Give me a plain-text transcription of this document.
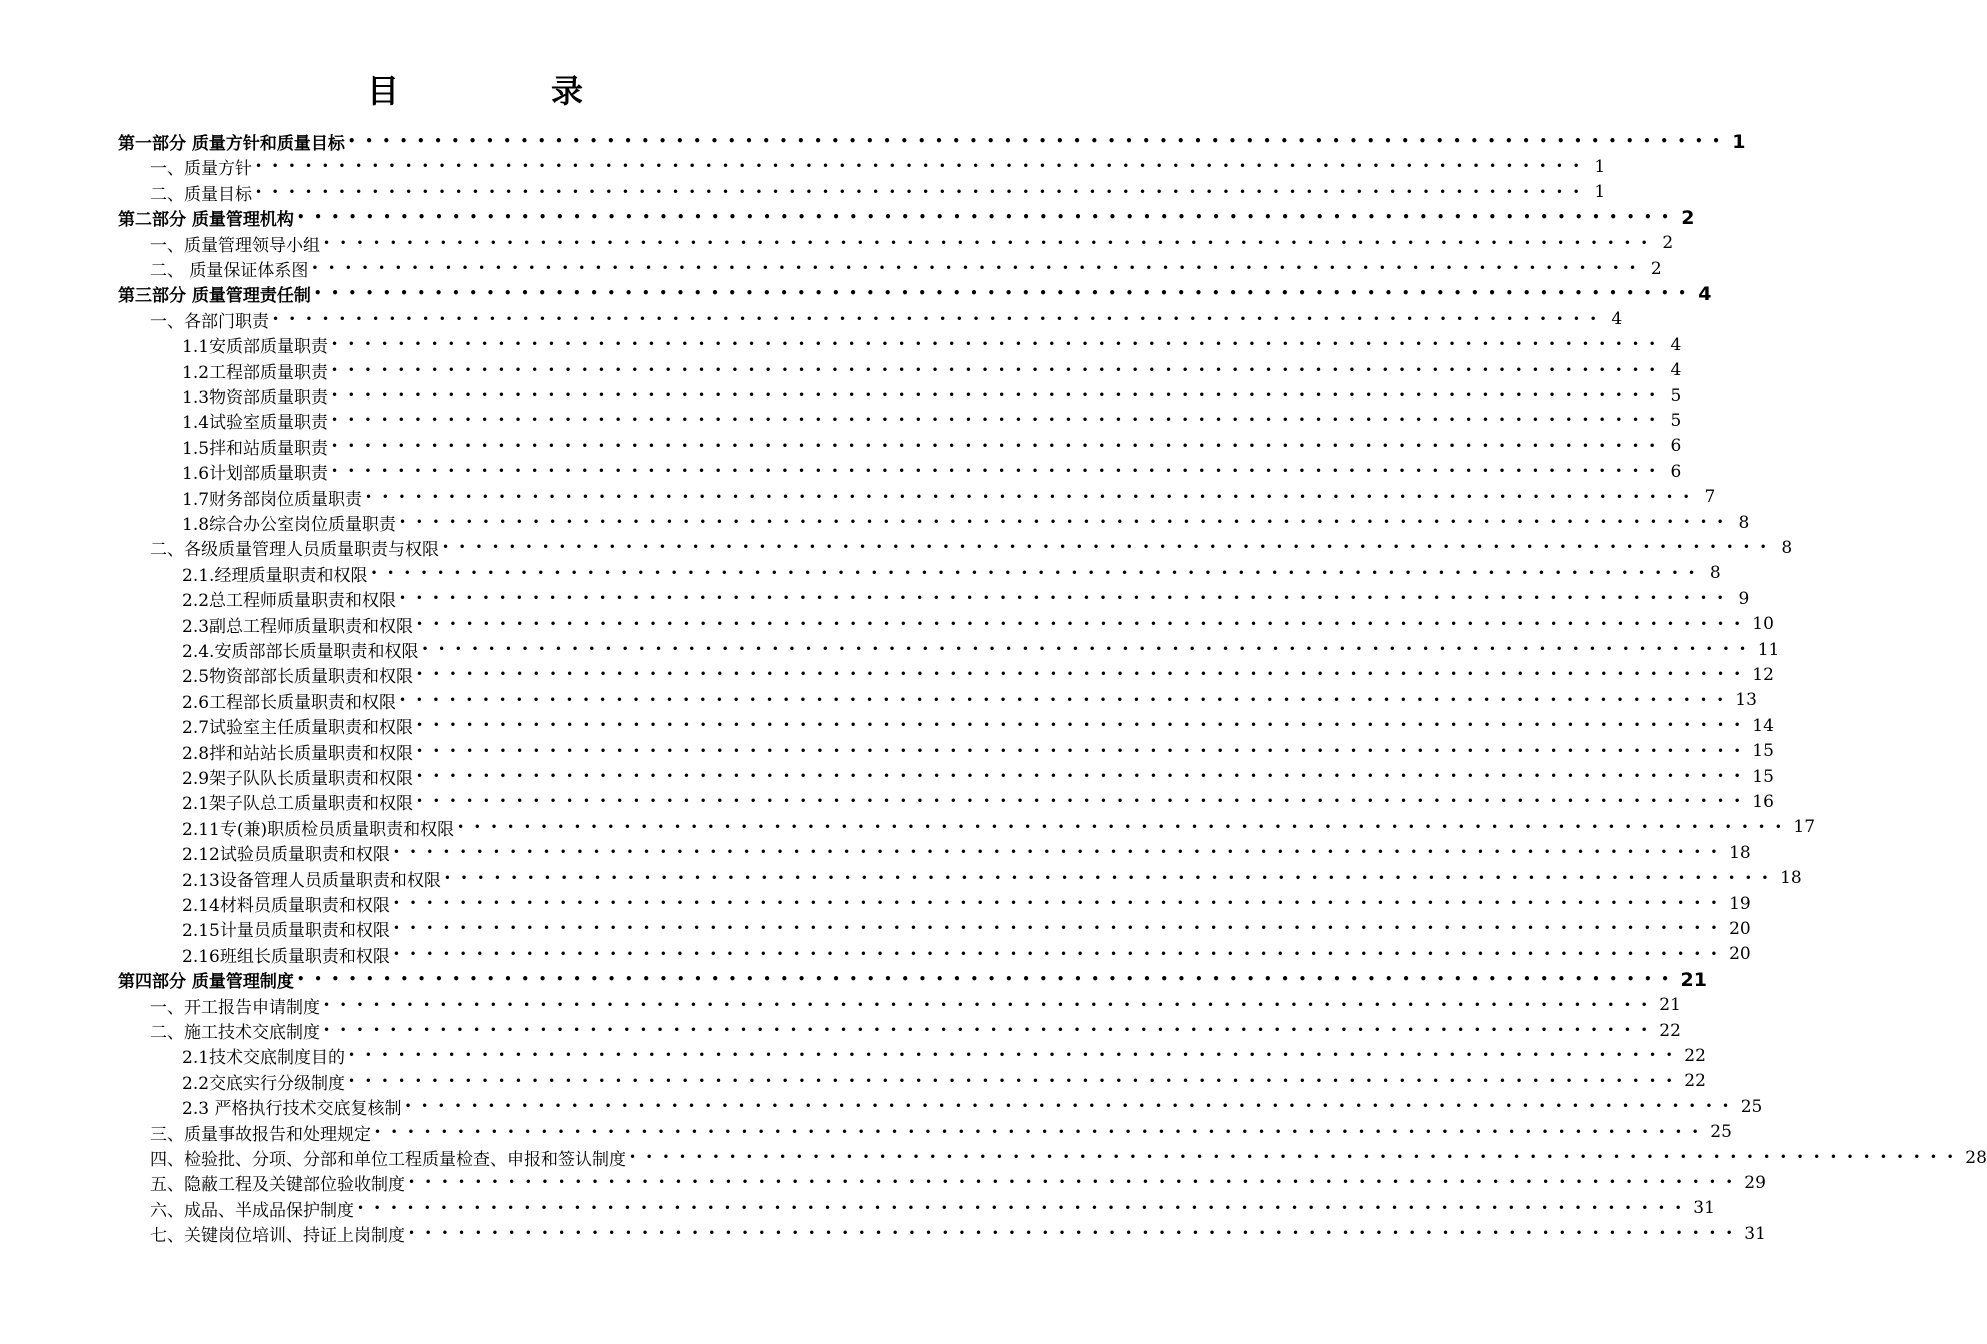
目　录
第一部分 质量方针和质量目标 •••••••••••••••••••••••••••••••••••••••••••••••••••••••••••••••••••••••••••••••• 1
一、质量方针 •••••••••••••••••••••••••••••••••••••••••••••••••••••••••••••••••••••••••••••••• 1
二、质量目标 •••••••••••••••••••••••••••••••••••••••••••••••••••••••••••••••••••••••••••••••• 1
第二部分 质量管理机构 •••••••••••••••••••••••••••••••••••••••••••••••••••••••••••••••••••••••••••••••• 2
一、质量管理领导小组 •••••••••••••••••••••••••••••••••••••••••••••••••••••••••••••••••••••••••••••••• 2
二、 质量保证体系图 •••••••••••••••••••••••••••••••••••••••••••••••••••••••••••••••••••••••••••••••• 2
第三部分 质量管理责任制 •••••••••••••••••••••••••••••••••••••••••••••••••••••••••••••••••••••••••••••••• 4
一、各部门职责 •••••••••••••••••••••••••••••••••••••••••••••••••••••••••••••••••••••••••••••••• 4
1.1安质部质量职责 •••••••••••••••••••••••••••••••••••••••••••••••••••••••••••••••••••••••••••••••• 4
1.2工程部质量职责 •••••••••••••••••••••••••••••••••••••••••••••••••••••••••••••••••••••••••••••••• 4
1.3物资部质量职责 •••••••••••••••••••••••••••••••••••••••••••••••••••••••••••••••••••••••••••••••• 5
1.4试验室质量职责 •••••••••••••••••••••••••••••••••••••••••••••••••••••••••••••••••••••••••••••••• 5
1.5拌和站质量职责 •••••••••••••••••••••••••••••••••••••••••••••••••••••••••••••••••••••••••••••••• 6
1.6计划部质量职责 •••••••••••••••••••••••••••••••••••••••••••••••••••••••••••••••••••••••••••••••• 6
1.7财务部岗位质量职责 •••••••••••••••••••••••••••••••••••••••••••••••••••••••••••••••••••••••••••••••• 7
1.8综合办公室岗位质量职责 •••••••••••••••••••••••••••••••••••••••••••••••••••••••••••••••••••••••••••••••• 8
二、各级质量管理人员质量职责与权限 •••••••••••••••••••••••••••••••••••••••••••••••••••••••••••••••••••••••••••••••• 8
2.1.经理质量职责和权限 •••••••••••••••••••••••••••••••••••••••••••••••••••••••••••••••••••••••••••••••• 8
2.2总工程师质量职责和权限 •••••••••••••••••••••••••••••••••••••••••••••••••••••••••••••••••••••••••••••••• 9
2.3副总工程师质量职责和权限 •••••••••••••••••••••••••••••••••••••••••••••••••••••••••••••••••••••••••••••••• 10
2.4.安质部部长质量职责和权限 •••••••••••••••••••••••••••••••••••••••••••••••••••••••••••••••••••••••••••••••• 11
2.5物资部部长质量职责和权限 •••••••••••••••••••••••••••••••••••••••••••••••••••••••••••••••••••••••••••••••• 12
2.6工程部长质量职责和权限 •••••••••••••••••••••••••••••••••••••••••••••••••••••••••••••••••••••••••••••••• 13
2.7试验室主任质量职责和权限 •••••••••••••••••••••••••••••••••••••••••••••••••••••••••••••••••••••••••••••••• 14
2.8拌和站站长质量职责和权限 •••••••••••••••••••••••••••••••••••••••••••••••••••••••••••••••••••••••••••••••• 15
2.9架子队队长质量职责和权限 •••••••••••••••••••••••••••••••••••••••••••••••••••••••••••••••••••••••••••••••• 15
2.1架子队总工质量职责和权限 •••••••••••••••••••••••••••••••••••••••••••••••••••••••••••••••••••••••••••••••• 16
2.11专(兼)职质检员质量职责和权限 •••••••••••••••••••••••••••••••••••••••••••••••••••••••••••••••••••••••••••••••• 17
2.12试验员质量职责和权限 •••••••••••••••••••••••••••••••••••••••••••••••••••••••••••••••••••••••••••••••• 18
2.13设备管理人员质量职责和权限 •••••••••••••••••••••••••••••••••••••••••••••••••••••••••••••••••••••••••••••••• 18
2.14材料员质量职责和权限 •••••••••••••••••••••••••••••••••••••••••••••••••••••••••••••••••••••••••••••••• 19
2.15计量员质量职责和权限 •••••••••••••••••••••••••••••••••••••••••••••••••••••••••••••••••••••••••••••••• 20
2.16班组长质量职责和权限 •••••••••••••••••••••••••••••••••••••••••••••••••••••••••••••••••••••••••••••••• 20
第四部分 质量管理制度 •••••••••••••••••••••••••••••••••••••••••••••••••••••••••••••••••••••••••••••••• 21
一、开工报告申请制度 •••••••••••••••••••••••••••••••••••••••••••••••••••••••••••••••••••••••••••••••• 21
二、施工技术交底制度 •••••••••••••••••••••••••••••••••••••••••••••••••••••••••••••••••••••••••••••••• 22
2.1技术交底制度目的 •••••••••••••••••••••••••••••••••••••••••••••••••••••••••••••••••••••••••••••••• 22
2.2交底实行分级制度 •••••••••••••••••••••••••••••••••••••••••••••••••••••••••••••••••••••••••••••••• 22
2.3 严格执行技术交底复核制 •••••••••••••••••••••••••••••••••••••••••••••••••••••••••••••••••••••••••••••••• 25
三、质量事故报告和处理规定 •••••••••••••••••••••••••••••••••••••••••••••••••••••••••••••••••••••••••••••••• 25
四、检验批、分项、分部和单位工程质量检查、申报和签认制度 •••••••••••••••••••••••••••••••••••••••••••••••••••••••••••••••••••••••••••••••• 28
五、隐蔽工程及关键部位验收制度 •••••••••••••••••••••••••••••••••••••••••••••••••••••••••••••••••••••••••••••••• 29
六、成品、半成品保护制度 •••••••••••••••••••••••••••••••••••••••••••••••••••••••••••••••••••••••••••••••• 31
七、关键岗位培训、持证上岗制度 •••••••••••••••••••••••••••••••••••••••••••••••••••••••••••••••••••••••••••••••• 31
